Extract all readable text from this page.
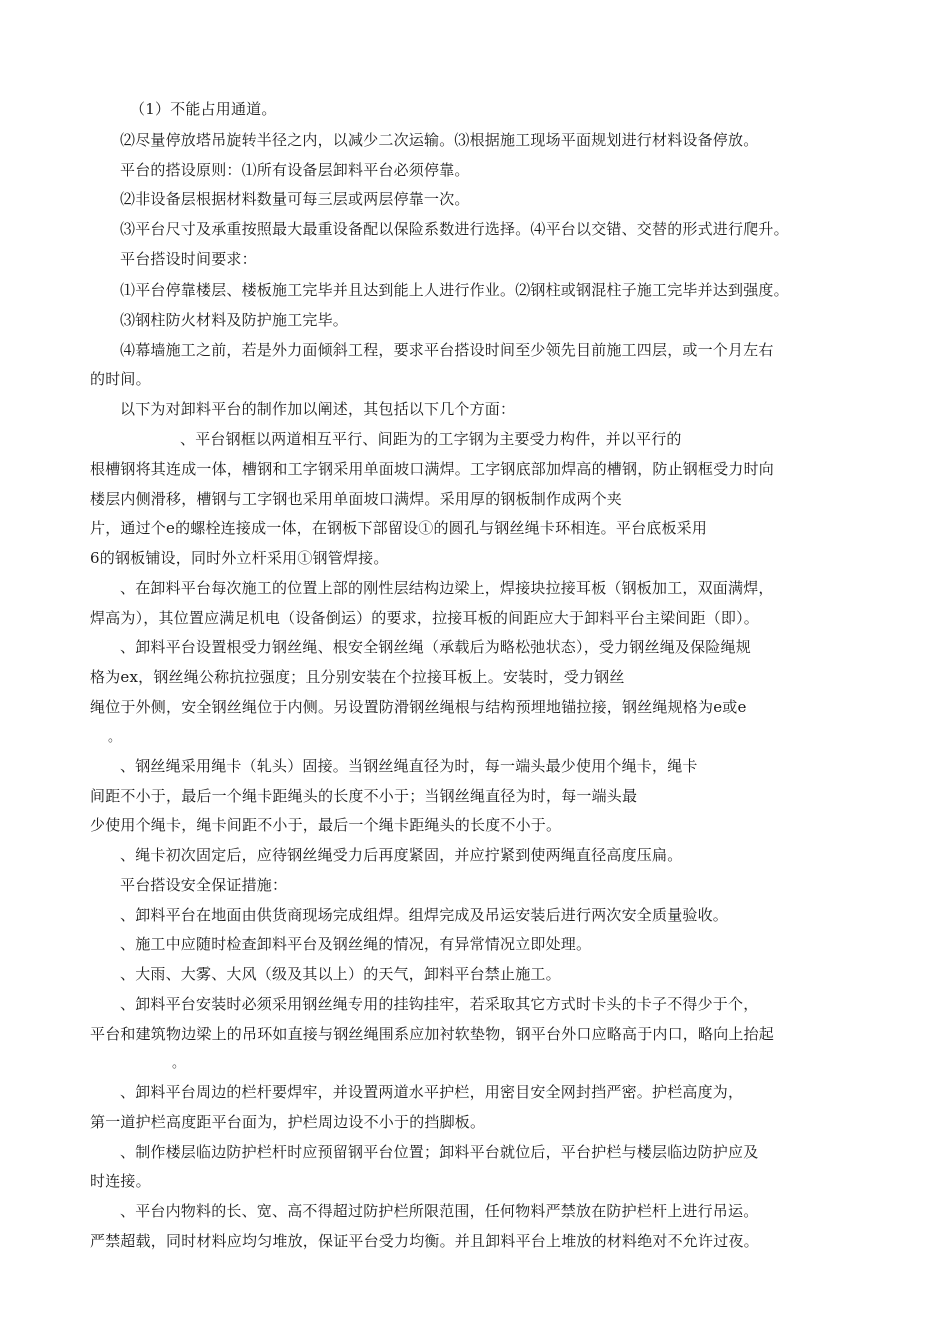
（1）不能占用通道。
⑵尽量停放塔吊旋转半径之内，以减少二次运输。⑶根据施工现场平面规划进行材料设备停放。
平台的搭设原则：⑴所有设备层卸料平台必须停靠。
⑵非设备层根据材料数量可每三层或两层停靠一次。
⑶平台尺寸及承重按照最大最重设备配以保险系数进行选择。⑷平台以交错、交替的形式进行爬升。
平台搭设时间要求：
⑴平台停靠楼层、楼板施工完毕并且达到能上人进行作业。⑵钢柱或钢混柱子施工完毕并达到强度。
⑶钢柱防火材料及防护施工完毕。
⑷幕墙施工之前，若是外力面倾斜工程，要求平台搭设时间至少领先目前施工四层，或一个月左右
的时间。
以下为对卸料平台的制作加以阐述，其包括以下几个方面：
、平台钢框以两道相互平行、间距为的工字钢为主要受力构件，并以平行的
根槽钢将其连成一体，槽钢和工字钢采用单面坡口满焊。工字钢底部加焊高的槽钢，防止钢框受力时向
楼层内侧滑移，槽钢与工字钢也采用单面坡口满焊。采用厚的钢板制作成两个夹
片，通过个e的螺栓连接成一体，在钢板下部留设①的圆孔与钢丝绳卡环相连。平台底板采用
6的钢板铺设，同时外立杆采用①钢管焊接。
、在卸料平台每次施工的位置上部的刚性层结构边梁上，焊接块拉接耳板（钢板加工，双面满焊，
焊高为），其位置应满足机电（设备倒运）的要求，拉接耳板的间距应大于卸料平台主梁间距（即）。
、卸料平台设置根受力钢丝绳、根安全钢丝绳（承载后为略松弛状态），受力钢丝绳及保险绳规
格为ex，钢丝绳公称抗拉强度；且分别安装在个拉接耳板上。安装时，受力钢丝
绳位于外侧，安全钢丝绳位于内侧。另设置防滑钢丝绳根与结构预埋地锚拉接，钢丝绳规格为e或e
。
、钢丝绳采用绳卡（轧头）固接。当钢丝绳直径为时，每一端头最少使用个绳卡，绳卡
间距不小于，最后一个绳卡距绳头的长度不小于；当钢丝绳直径为时，每一端头最
少使用个绳卡，绳卡间距不小于，最后一个绳卡距绳头的长度不小于。
、绳卡初次固定后，应待钢丝绳受力后再度紧固，并应拧紧到使两绳直径高度压扁。
平台搭设安全保证措施：
、卸料平台在地面由供货商现场完成组焊。组焊完成及吊运安装后进行两次安全质量验收。
、施工中应随时检查卸料平台及钢丝绳的情况，有异常情况立即处理。
、大雨、大雾、大风（级及其以上）的天气，卸料平台禁止施工。
、卸料平台安装时必须采用钢丝绳专用的挂钩挂牢，若采取其它方式时卡头的卡子不得少于个，
平台和建筑物边梁上的吊环如直接与钢丝绳围系应加衬软垫物，钢平台外口应略高于内口，略向上抬起
。
、卸料平台周边的栏杆要焊牢，并设置两道水平护栏，用密目安全网封挡严密。护栏高度为，
第一道护栏高度距平台面为，护栏周边设不小于的挡脚板。
、制作楼层临边防护栏杆时应预留钢平台位置；卸料平台就位后，平台护栏与楼层临边防护应及
时连接。
、平台内物料的长、宽、高不得超过防护栏所限范围，任何物料严禁放在防护栏杆上进行吊运。
严禁超载，同时材料应均匀堆放，保证平台受力均衡。并且卸料平台上堆放的材料绝对不允许过夜。
